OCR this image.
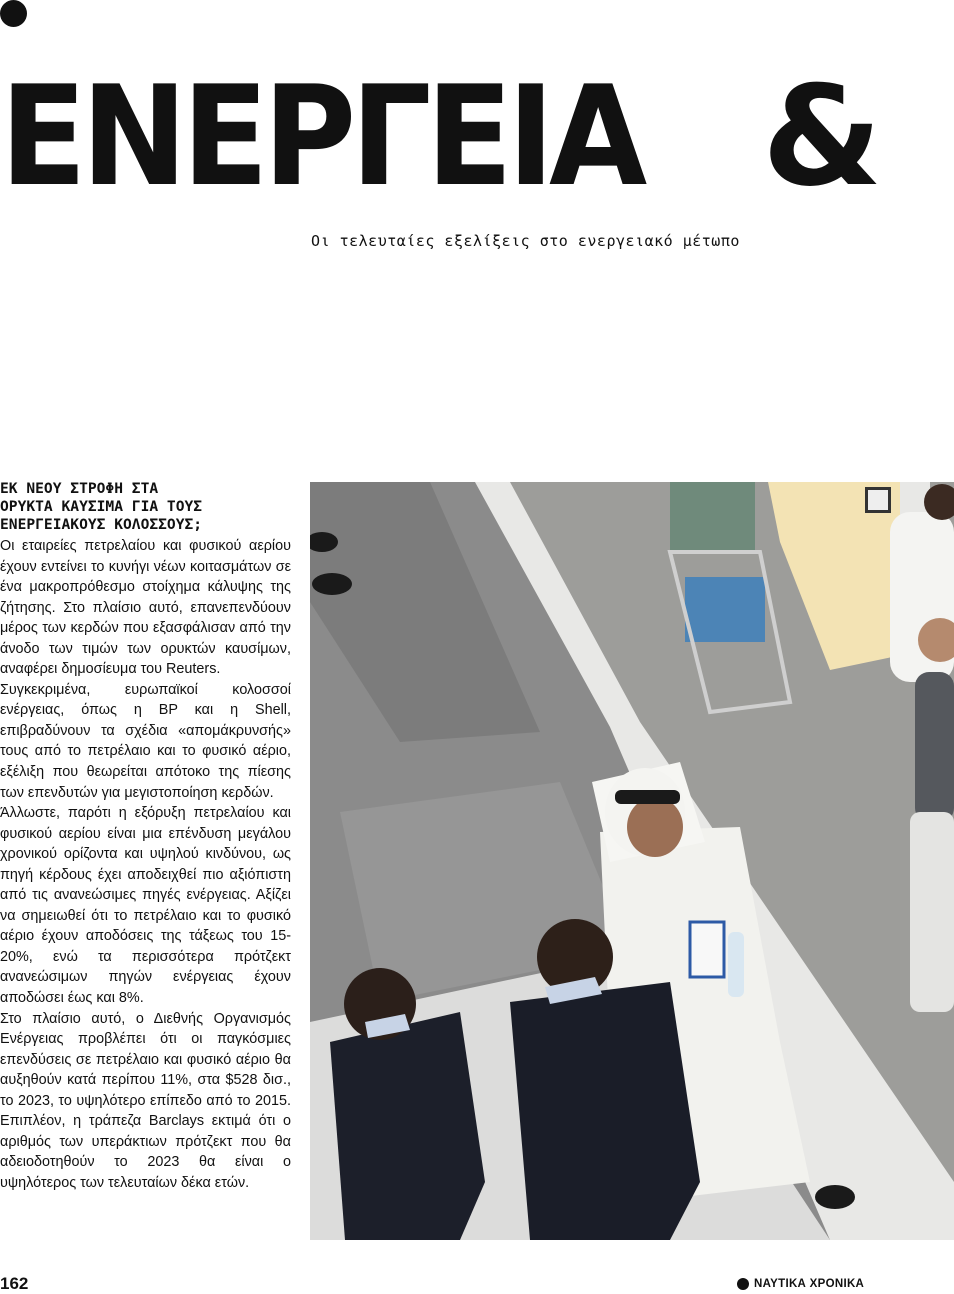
ΕΝΕΡΓΕΙΑ &
Οι τελευταίες εξελίξεις στο ενεργειακό μέτωπο
ΕΚ ΝΕΟΥ ΣΤΡΟΦΗ ΣΤΑ
ΟΡΥΚΤΑ ΚΑΥΣΙΜΑ ΓΙΑ ΤΟΥΣ
ΕΝΕΡΓΕΙΑΚΟΥΣ ΚΟΛΟΣΣΟΥΣ;

Οι εταιρείες πετρελαίου και φυσικού αερίου έχουν εντείνει το κυνήγι νέων κοιτασμάτων σε ένα μακροπρόθεσμο στοίχημα κάλυψης της ζήτησης. Στο πλαίσιο αυτό, επανεπενδύουν μέρος των κερδών που εξασφάλισαν από την άνοδο των τιμών των ορυκτών καυσίμων, αναφέρει δημοσίευμα του Reuters.

Συγκεκριμένα, ευρωπαϊκοί κολοσσοί ενέργειας, όπως η BP και η Shell, επιβραδύνουν τα σχέδια «απομάκρυνσής» τους από το πετρέλαιο και το φυσικό αέριο, εξέλιξη που θεωρείται απότοκο της πίεσης των επενδυτών για μεγιστοποίηση κερδών.

Άλλωστε, παρότι η εξόρυξη πετρελαίου και φυσικού αερίου είναι μια επένδυση μεγάλου χρονικού ορίζοντα και υψηλού κινδύνου, ως πηγή κέρδους έχει αποδειχθεί πιο αξιόπιστη από τις ανανεώσιμες πηγές ενέργειας. Αξίζει να σημειωθεί ότι το πετρέλαιο και το φυσικό αέριο έχουν αποδόσεις της τάξεως του 15-20%, ενώ τα περισσότερα πρότζεκτ ανανεώσιμων πηγών ενέργειας έχουν αποδώσει έως και 8%.

Στο πλαίσιο αυτό, ο Διεθνής Οργανισμός Ενέργειας προβλέπει ότι οι παγκόσμιες επενδύσεις σε πετρέλαιο και φυσικό αέριο θα αυξηθούν κατά περίπου 11%, στα $528 δισ., το 2023, το υψηλότερο επίπεδο από το 2015. Επιπλέον, η τράπεζα Barclays εκτιμά ότι ο αριθμός των υπεράκτιων πρότζεκτ που θα αδειοδοτηθούν το 2023 θα είναι ο υψηλότερος των τελευταίων δέκα ετών.

162	ΝΑΥΤΙΚΑ ΧΡΟΝΙΚΑ
